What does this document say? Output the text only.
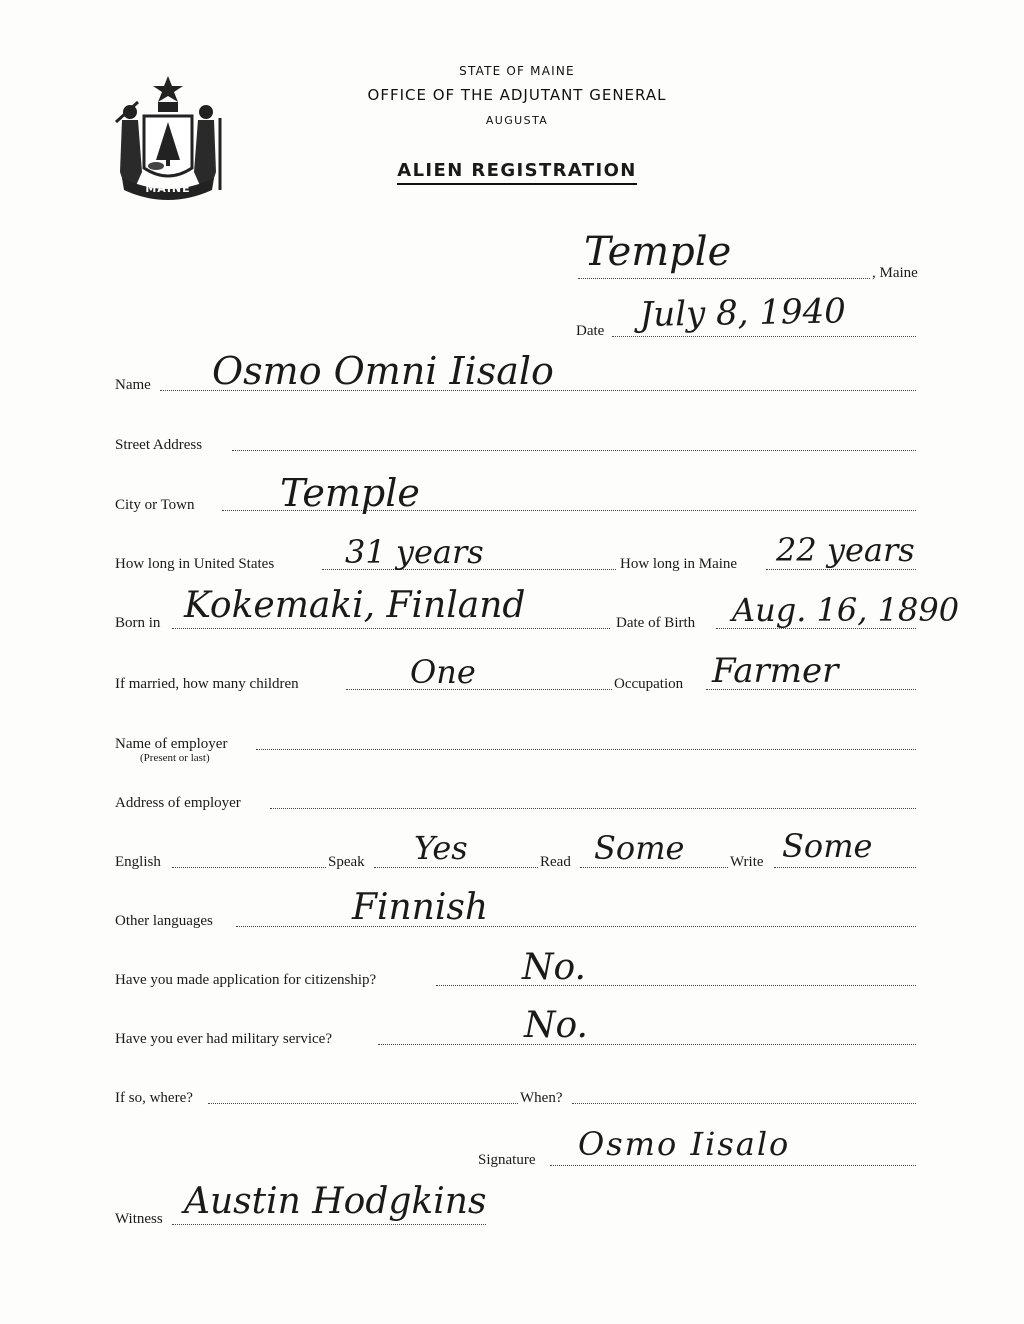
MAINE
STATE OF MAINE
OFFICE OF THE ADJUTANT GENERAL
AUGUSTA
ALIEN REGISTRATION
Temple	, Maine
Date July 8, 1940
Name Osmo Omni Iisalo
Street Address
City or Town Temple
How long in United States 31 years	How long in Maine 22 years
Born in Kokemaki, Finland	Date of Birth Aug. 16, 1890
If married, how many children	One	Occupation Farmer
Name of employer
(Present or last)
Address of employer
English	Speak Yes	Read Some	Write Some
Other languages	Finnish
Have you made application for citizenship?	No.
Have you ever had military service?	No.
If so, where?	When?
Signature Osmo Iisalo
Witness Austin Hodgkins
